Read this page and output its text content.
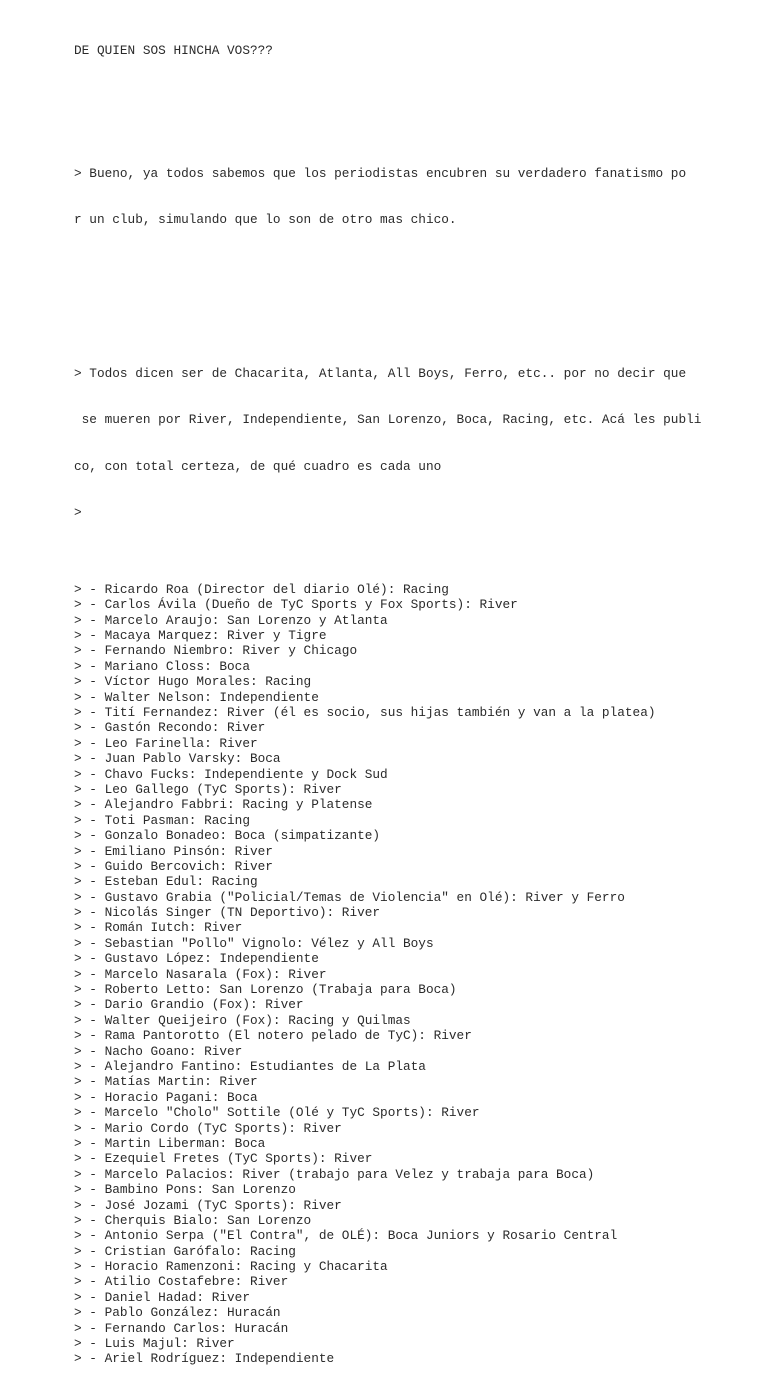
DE QUIEN SOS HINCHA VOS???

> Bueno, ya todos sabemos que los periodistas encubren su verdadero fanatismo po

r un club, simulando que lo son de otro mas chico.

> Todos dicen ser de Chacarita, Atlanta, All Boys, Ferro, etc.. por no decir que

se mueren por River, Independiente, San Lorenzo, Boca, Racing, etc. Acá les publi

co, con total certeza, de qué cuadro es cada uno

>

> - Ricardo Roa (Director del diario Olé): Racing
> - Carlos Ávila (Dueño de TyC Sports y Fox Sports): River
> - Marcelo Araujo: San Lorenzo y Atlanta
> - Macaya Marquez: River y Tigre
> - Fernando Niembro: River y Chicago
> - Mariano Closs: Boca
> - Víctor Hugo Morales: Racing
> - Walter Nelson: Independiente
> - Tití Fernandez: River (él es socio, sus hijas también y van a la platea)
> - Gastón Recondo: River
> - Leo Farinella: River
> - Juan Pablo Varsky: Boca
> - Chavo Fucks: Independiente y Dock Sud
> - Leo Gallego (TyC Sports): River
> - Alejandro Fabbri: Racing y Platense
> - Toti Pasman: Racing
> - Gonzalo Bonadeo: Boca (simpatizante)
> - Emiliano Pinsón: River
> - Guido Bercovich: River
> - Esteban Edul: Racing
> - Gustavo Grabia ("Policial/Temas de Violencia" en Olé): River y Ferro
> - Nicolás Singer (TN Deportivo): River
> - Román Iutch: River
> - Sebastian "Pollo" Vignolo: Vélez y All Boys
> - Gustavo López: Independiente
> - Marcelo Nasarala (Fox): River
> - Roberto Letto: San Lorenzo (Trabaja para Boca)
> - Dario Grandio (Fox): River
> - Walter Queijeiro (Fox): Racing y Quilmas
> - Rama Pantorotto (El notero pelado de TyC): River
> - Nacho Goano: River
> - Alejandro Fantino: Estudiantes de La Plata
> - Matías Martin: River
> - Horacio Pagani: Boca
> - Marcelo "Cholo" Sottile (Olé y TyC Sports): River
> - Mario Cordo (TyC Sports): River
> - Martin Liberman: Boca
> - Ezequiel Fretes (TyC Sports): River
> - Marcelo Palacios: River (trabajo para Velez y trabaja para Boca)
> - Bambino Pons: San Lorenzo
> - José Jozami (TyC Sports): River
> - Cherquis Bialo: San Lorenzo
> - Antonio Serpa ("El Contra", de OLÉ): Boca Juniors y Rosario Central
> - Cristian Garófalo: Racing
> - Horacio Ramenzoni: Racing y Chacarita
> - Atilio Costafebre: River
> - Daniel Hadad: River
> - Pablo González: Huracán
> - Fernando Carlos: Huracán
> - Luis Majul: River
> - Ariel Rodríguez: Independiente
